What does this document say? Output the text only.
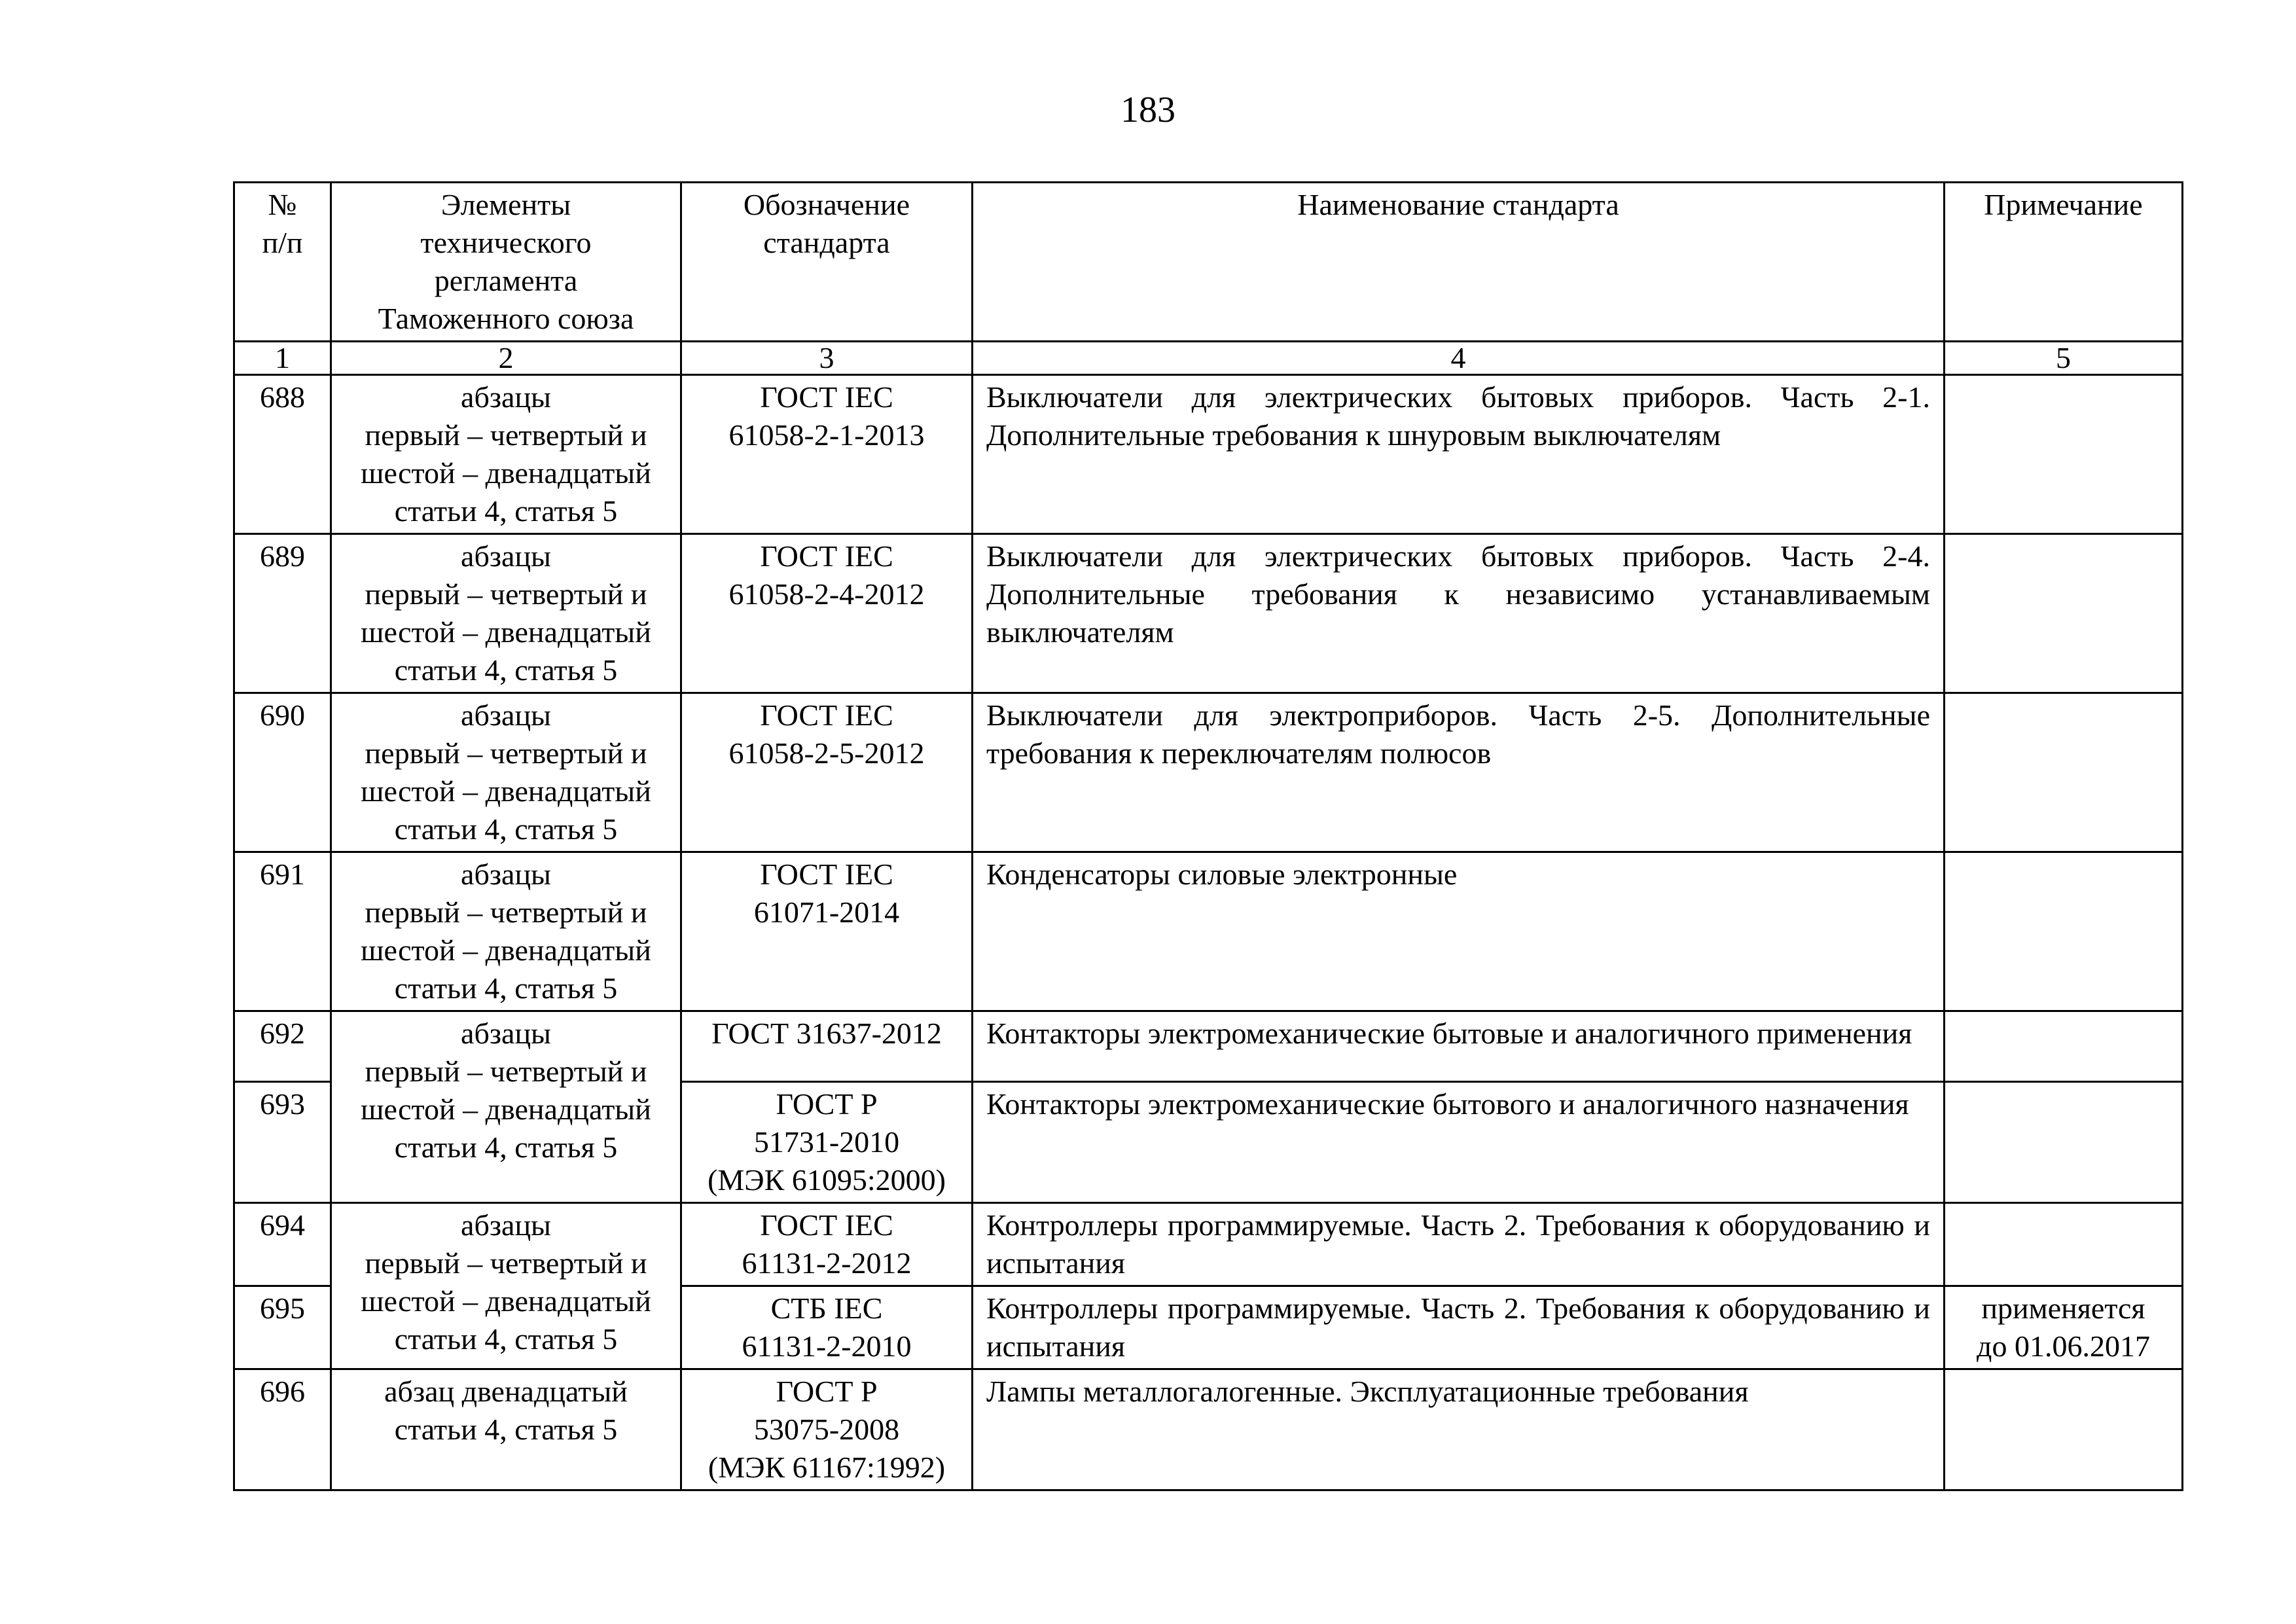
183
№
п/п	Элементы
технического
регламента
Таможенного союза	Обозначение
стандарта	Наименование стандарта	Примечание
1	2	3	4	5
688	абзацы
первый – четвертый и
шестой – двенадцатый
статьи 4, статья 5	ГОСТ IEC
61058-2-1-2013	Выключатели для электрических бытовых приборов. Часть 2-1. Дополнительные требования к шнуровым выключателям	
689	абзацы
первый – четвертый и
шестой – двенадцатый
статьи 4, статья 5	ГОСТ IEC
61058-2-4-2012	Выключатели для электрических бытовых приборов. Часть 2-4. Дополнительные требования к независимо устанавливаемым выключателям	
690	абзацы
первый – четвертый и
шестой – двенадцатый
статьи 4, статья 5	ГОСТ IEC
61058-2-5-2012	Выключатели для электроприборов. Часть 2-5. Дополнительные требования к переключателям полюсов	
691	абзацы
первый – четвертый и
шестой – двенадцатый
статьи 4, статья 5	ГОСТ IEC
61071-2014	Конденсаторы силовые электронные	
692	абзацы
первый – четвертый и
шестой – двенадцатый
статьи 4, статья 5	ГОСТ 31637-2012	Контакторы электромеханические бытовые и аналогичного применения	
693		ГОСТ Р
51731-2010
(МЭК 61095:2000)	Контакторы электромеханические бытового и аналогичного назначения	
694	абзацы
первый – четвертый и
шестой – двенадцатый
статьи 4, статья 5	ГОСТ IEC
61131-2-2012	Контроллеры программируемые. Часть 2. Требования к оборудованию и испытания	
695		СТБ IEC
61131-2-2010	Контроллеры программируемые. Часть 2. Требования к оборудованию и испытания	применяется
до 01.06.2017
696	абзац двенадцатый
статьи 4, статья 5	ГОСТ Р
53075-2008
(МЭК 61167:1992)	Лампы металлогалогенные. Эксплуатационные требования	
